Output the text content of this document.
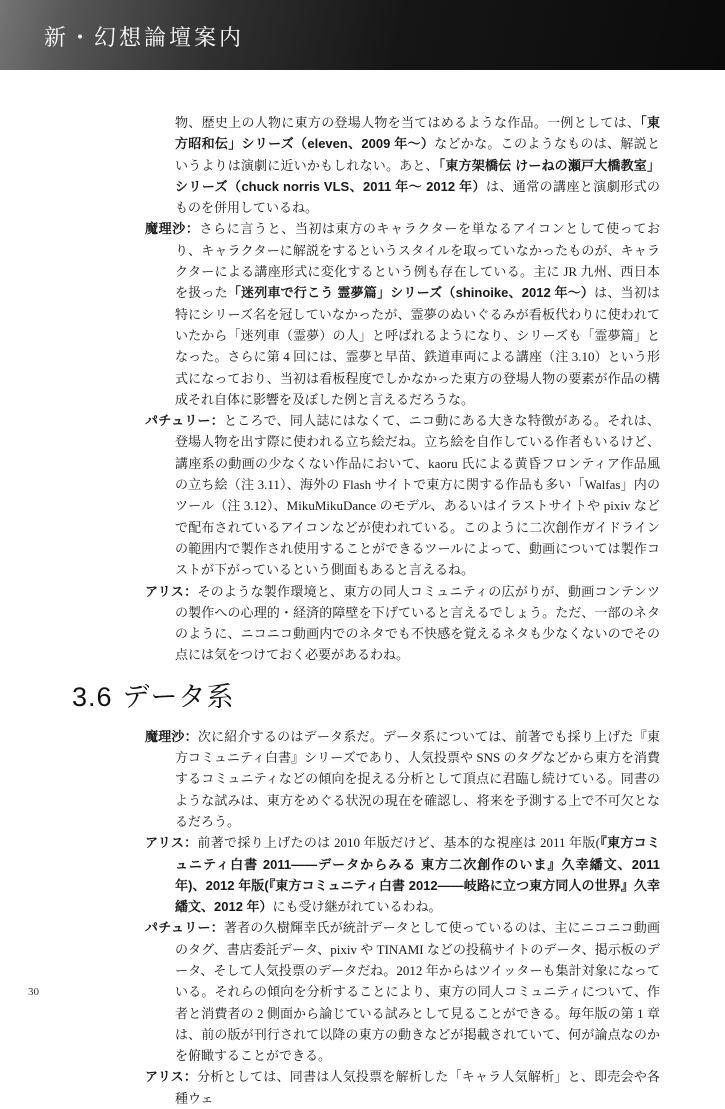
新・幻想論壇案内
物、歴史上の人物に東方の登場人物を当てはめるような作品。一例としては、「東方昭和伝」シリーズ（eleven、2009 年～）などかな。このようなものは、解説というよりは演劇に近いかもしれない。あと、「東方架橋伝 けーねの瀬戸大橋教室」シリーズ（chuck norris VLS、2011 年～ 2012 年）は、通常の講座と演劇形式のものを併用しているね。
魔理沙：さらに言うと、当初は東方のキャラクターを単なるアイコンとして使っており、キャラクターに解説をするというスタイルを取っていなかったものが、キャラクターによる講座形式に変化するという例も存在している。主に JR 九州、西日本を扱った「迷列車で行こう 霊夢篇」シリーズ（shinoike、2012 年～）は、当初は特にシリーズ名を冠していなかったが、霊夢のぬいぐるみが看板代わりに使われていたから「迷列車（霊夢）の人」と呼ばれるようになり、シリーズも「霊夢篇」となった。さらに第 4 回には、霊夢と早苗、鉄道車両による講座（注 3.10）という形式になっており、当初は看板程度でしかなかった東方の登場人物の要素が作品の構成それ自体に影響を及ぼした例と言えるだろうな。
パチュリー：ところで、同人誌にはなくて、ニコ動にある大きな特徴がある。それは、登場人物を出す際に使われる立ち絵だね。立ち絵を自作している作者もいるけど、講座系の動画の少なくない作品において、kaoru 氏による黄昏フロンティア作品風の立ち絵（注 3.11）、海外の Flash サイトで東方に関する作品も多い「Walfas」内のツール（注 3.12）、MikuMikuDance のモデル、あるいはイラストサイトや pixiv などで配布されているアイコンなどが使われている。このように二次創作ガイドラインの範囲内で製作され使用することができるツールによって、動画については製作コストが下がっているという側面もあると言えるね。
アリス：そのような製作環境と、東方の同人コミュニティの広がりが、動画コンテンツの製作への心理的・経済的障壁を下げていると言えるでしょう。ただ、一部のネタのように、ニコニコ動画内でのネタでも不快感を覚えるネタも少なくないのでその点には気をつけておく必要があるわね。
3.6 データ系
魔理沙：次に紹介するのはデータ系だ。データ系については、前著でも採り上げた『東方コミュニティ白書』シリーズであり、人気投票や SNS のタグなどから東方を消費するコミュニティなどの傾向を捉える分析として頂点に君臨し続けている。同書のような試みは、東方をめぐる状況の現在を確認し、将来を予測する上で不可欠となるだろう。
アリス：前著で採り上げたのは 2010 年版だけど、基本的な視座は 2011 年版(『東方コミュニティ白書 2011――データからみる 東方二次創作のいま』久幸繙文、2011 年)、2012 年版(『東方コミュニティ白書 2012――岐路に立つ東方同人の世界』久幸繙文、2012 年）にも受け継がれているわね。
パチュリー：著者の久樹輝幸氏が統計データとして使っているのは、主にニコニコ動画のタグ、書店委託データ、pixiv や TINAMI などの投稿サイトのデータ、掲示板のデータ、そして人気投票のデータだね。2012 年からはツイッターも集計対象になっている。それらの傾向を分析することにより、東方の同人コミュニティについて、作者と消費者の 2 側面から論じている試みとして見ることができる。毎年版の第 1 章は、前の版が刊行されて以降の東方の動きなどが掲載されていて、何が論点なのかを俯瞰することができる。
アリス：分析としては、同書は人気投票を解析した「キャラ人気解析」と、即売会や各種ウェ
30
